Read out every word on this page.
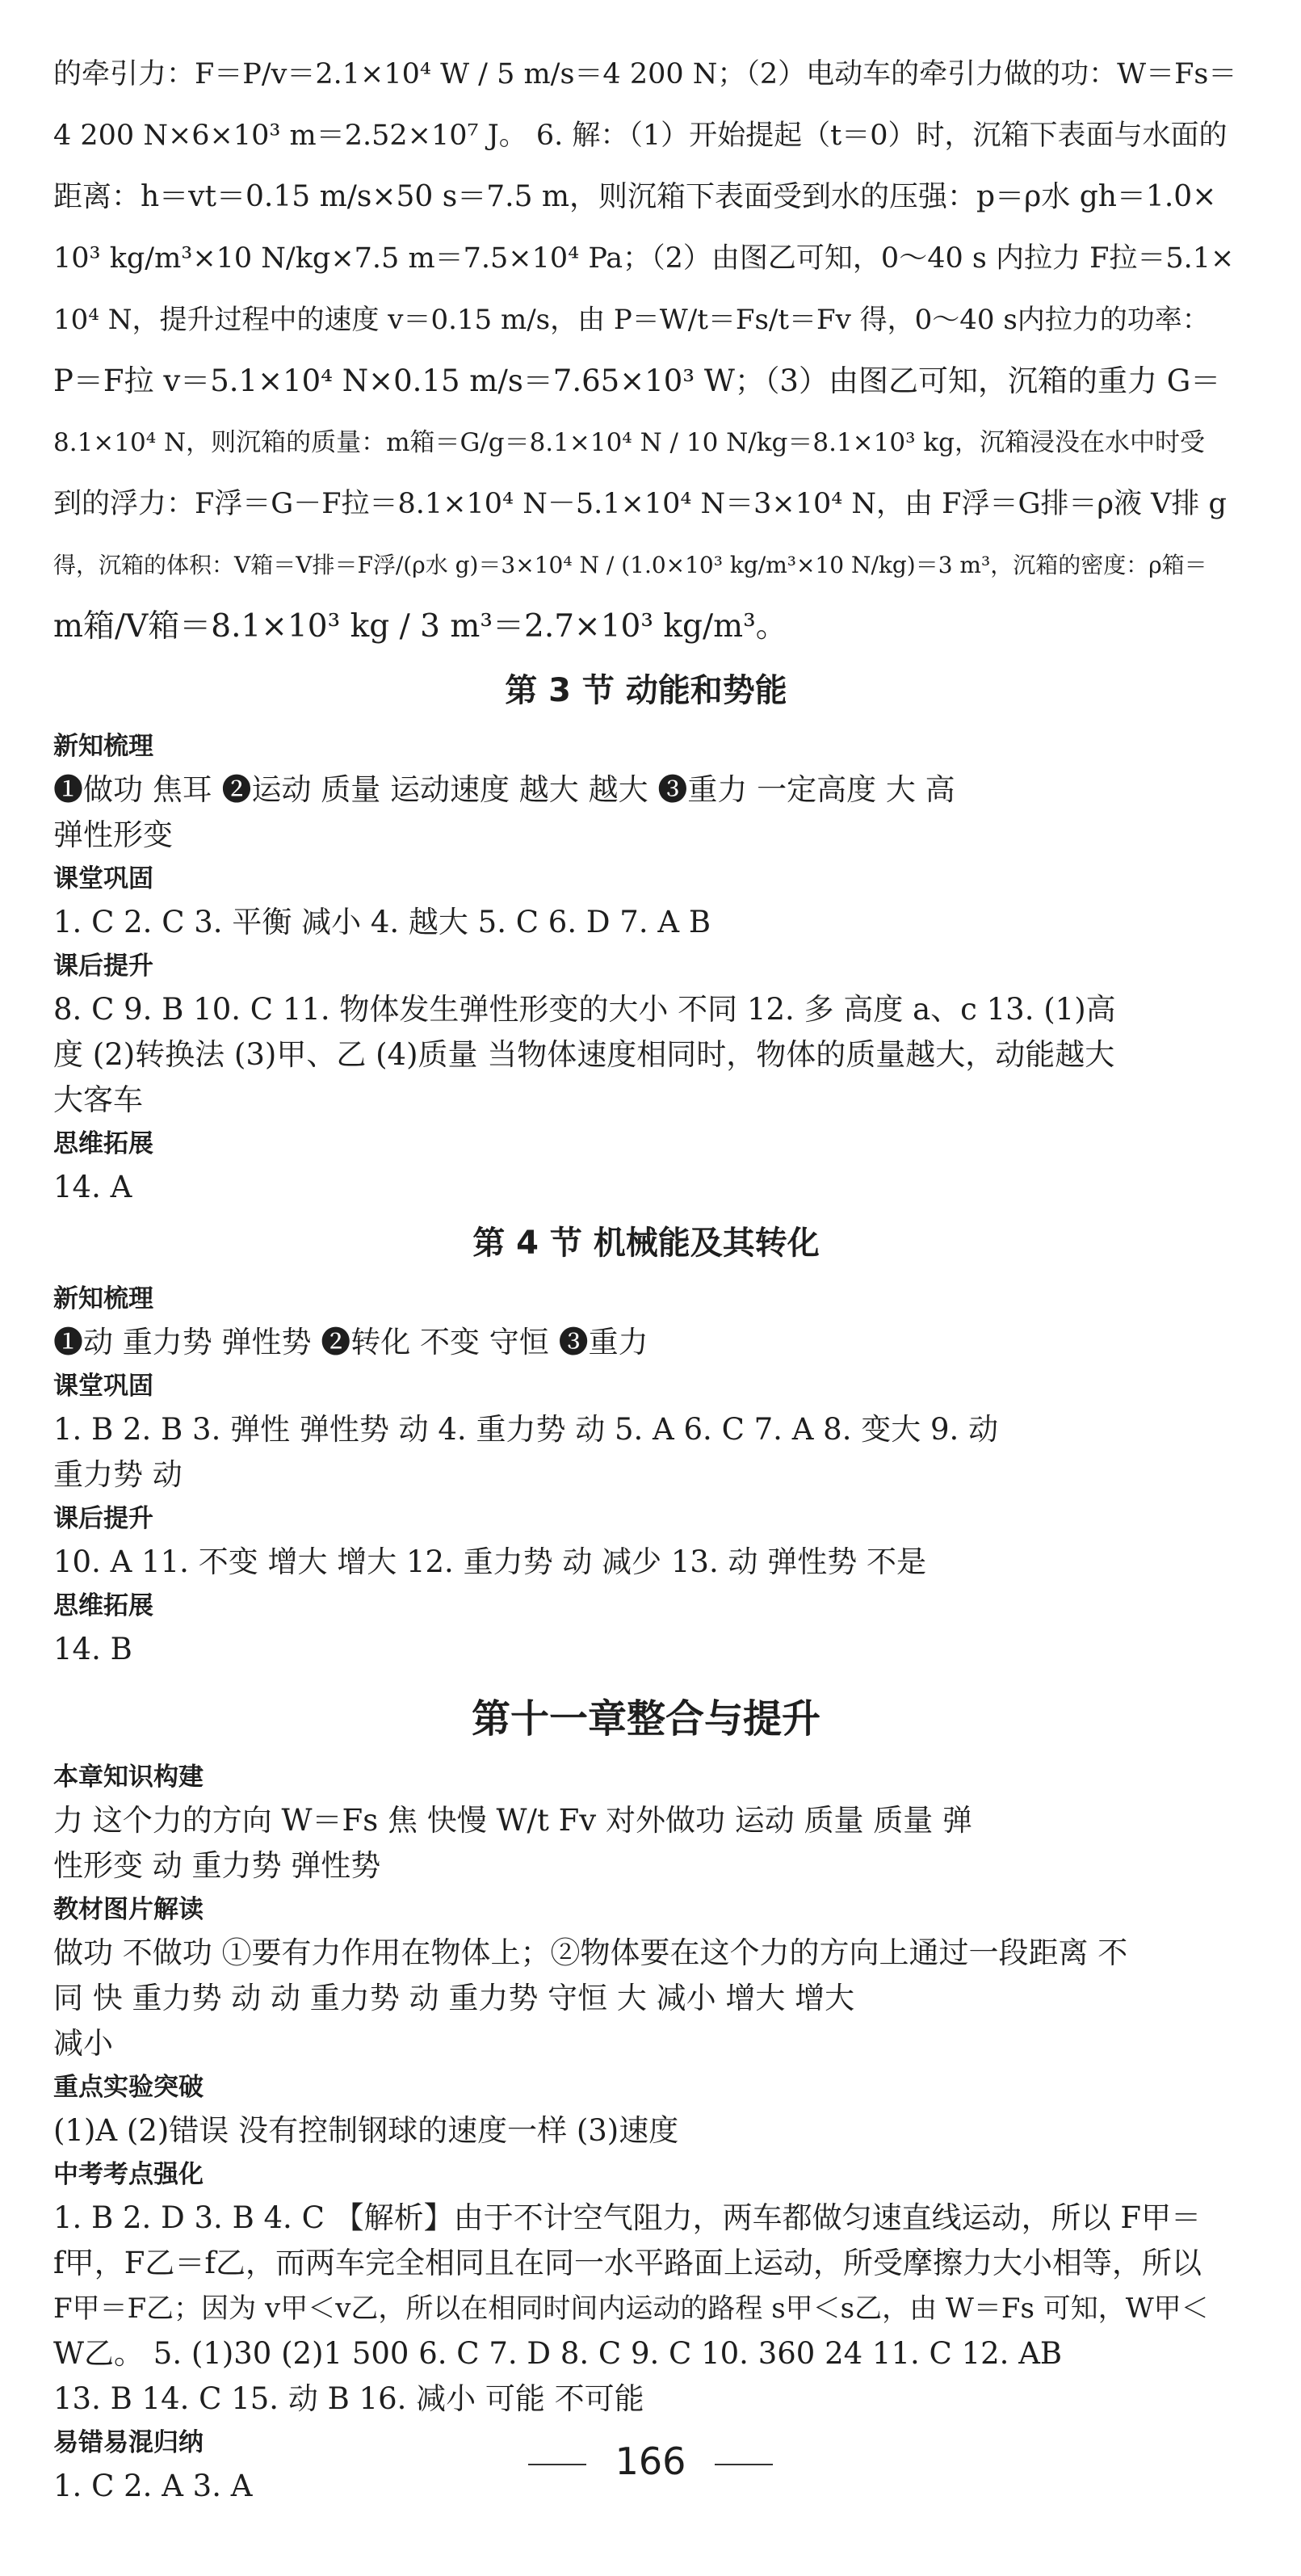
的牵引力：F＝P/v＝2.1×10⁴ W / 5 m/s＝4 200 N；（2）电动车的牵引力做的功：W＝Fs＝
4 200 N×6×10³ m＝2.52×10⁷ J。 6. 解：（1）开始提起（t＝0）时，沉箱下表面与水面的
距离：h＝vt＝0.15 m/s×50 s＝7.5 m，则沉箱下表面受到水的压强：p＝ρ水 gh＝1.0×
10³ kg/m³×10 N/kg×7.5 m＝7.5×10⁴ Pa；（2）由图乙可知，0～40 s 内拉力 F拉＝5.1×
10⁴ N，提升过程中的速度 v＝0.15 m/s，由 P＝W/t＝Fs/t＝Fv 得，0～40 s内拉力的功率：
P＝F拉 v＝5.1×10⁴ N×0.15 m/s＝7.65×10³ W；（3）由图乙可知，沉箱的重力 G＝
8.1×10⁴ N，则沉箱的质量：m箱＝G/g＝8.1×10⁴ N / 10 N/kg＝8.1×10³ kg，沉箱浸没在水中时受
到的浮力：F浮＝G－F拉＝8.1×10⁴ N－5.1×10⁴ N＝3×10⁴ N，由 F浮＝G排＝ρ液 V排 g
得，沉箱的体积：V箱＝V排＝F浮/(ρ水 g)＝3×10⁴ N / (1.0×10³ kg/m³×10 N/kg)＝3 m³，沉箱的密度：ρ箱＝
m箱/V箱＝8.1×10³ kg / 3 m³＝2.7×10³ kg/m³。

第 3 节 动能和势能
新知梳理
❶做功 焦耳 ❷运动 质量 运动速度 越大 越大 ❸重力 一定高度 大 高
弹性形变
课堂巩固
1. C 2. C 3. 平衡 减小 4. 越大 5. C 6. D 7. A B
课后提升
8. C 9. B 10. C 11. 物体发生弹性形变的大小 不同 12. 多 高度 a、c 13. (1)高
度 (2)转换法 (3)甲、乙 (4)质量 当物体速度相同时，物体的质量越大，动能越大
大客车
思维拓展
14. A
第 4 节 机械能及其转化
新知梳理
❶动 重力势 弹性势 ❷转化 不变 守恒 ❸重力
课堂巩固
1. B 2. B 3. 弹性 弹性势 动 4. 重力势 动 5. A 6. C 7. A 8. 变大 9. 动
重力势 动
课后提升
10. A 11. 不变 增大 增大 12. 重力势 动 减少 13. 动 弹性势 不是
思维拓展
14. B
第十一章整合与提升
本章知识构建
力 这个力的方向 W＝Fs 焦 快慢 W/t Fv 对外做功 运动 质量 质量 弹
性形变 动 重力势 弹性势
教材图片解读
做功 不做功 ①要有力作用在物体上；②物体要在这个力的方向上通过一段距离 不
同 快 重力势 动 动 重力势 动 重力势 守恒 大 减小 增大 增大
减小
重点实验突破
(1)A (2)错误 没有控制钢球的速度一样 (3)速度
中考考点强化
1. B 2. D 3. B 4. C 【解析】由于不计空气阻力，两车都做匀速直线运动，所以 F甲＝
f甲，F乙＝f乙，而两车完全相同且在同一水平路面上运动，所受摩擦力大小相等，所以
F甲＝F乙；因为 v甲＜v乙，所以在相同时间内运动的路程 s甲＜s乙，由 W＝Fs 可知，W甲＜
W乙。 5. (1)30 (2)1 500 6. C 7. D 8. C 9. C 10. 360 24 11. C 12. AB
13. B 14. C 15. 动 B 16. 减小 可能 不可能
易错易混归纳
1. C 2. A 3. A
166
